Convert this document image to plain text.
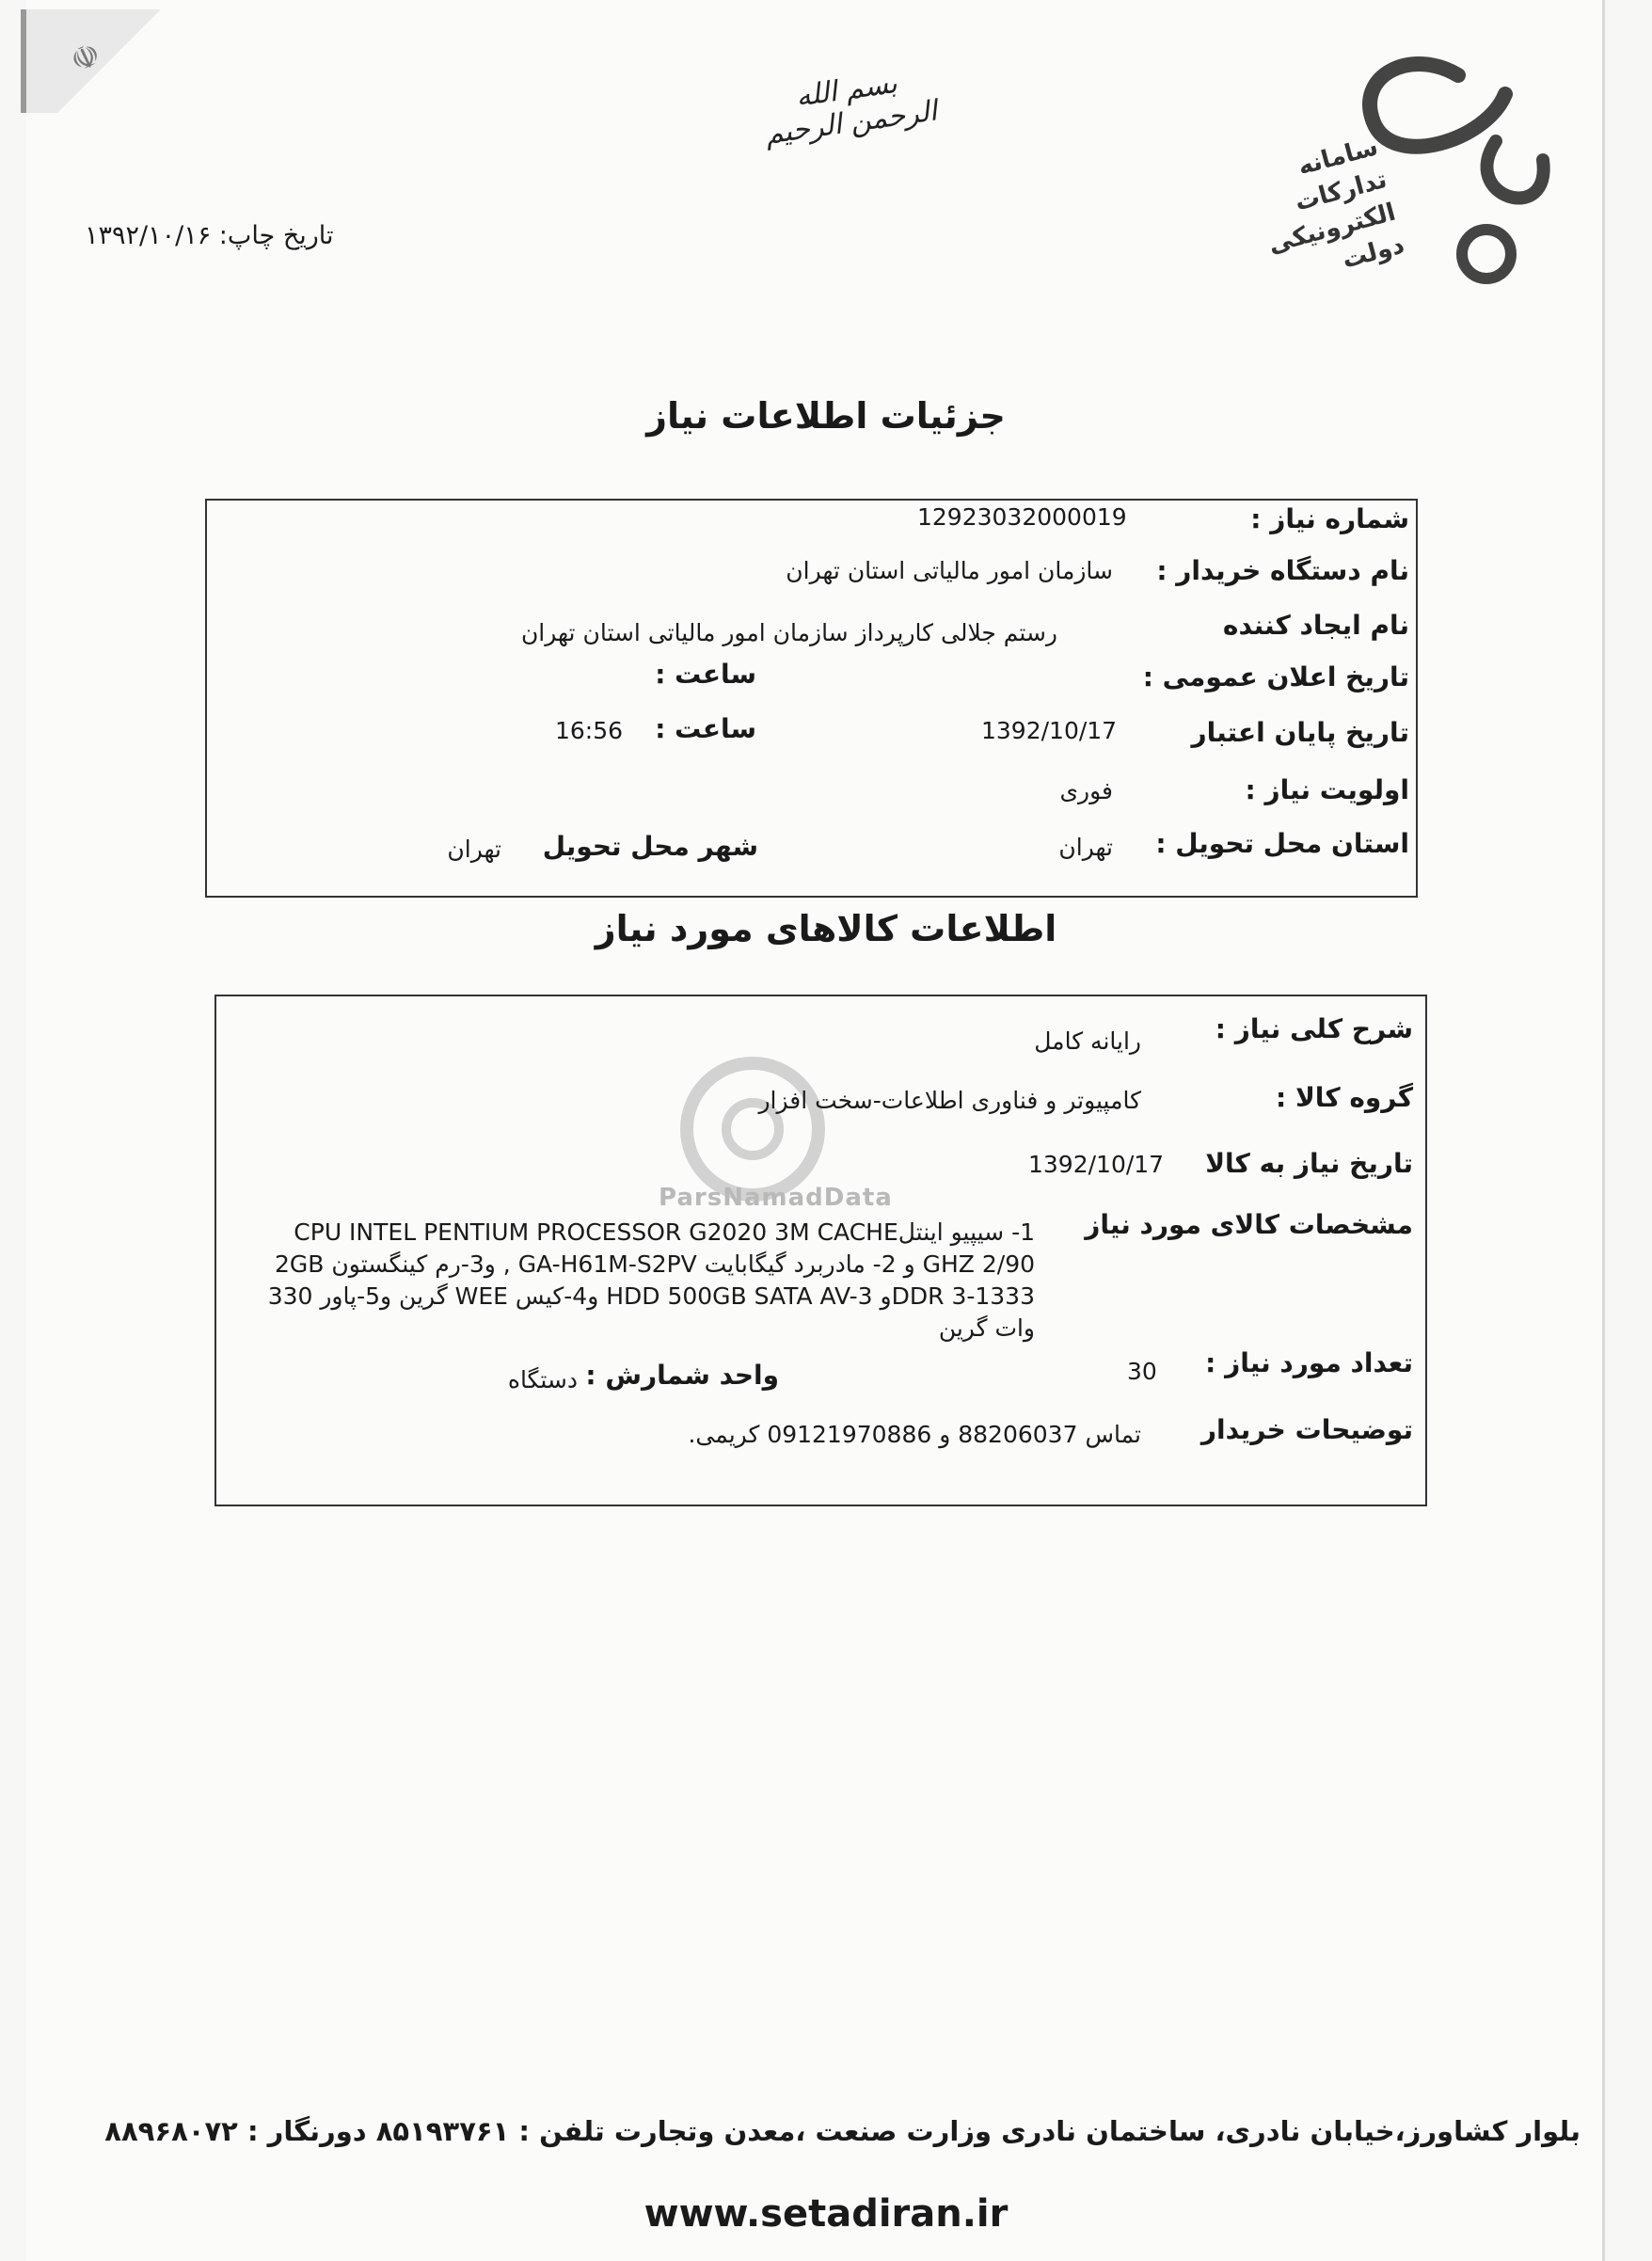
☫
بسم الله الرحمن الرحیم
سامانه تدارکات الکترونیکی دولت
تاریخ چاپ: ۱۳۹۲/۱۰/۱۶
جزئیات اطلاعات نیاز
شماره نیاز :
12923032000019
نام دستگاه خریدار :
سازمان امور مالیاتی استان تهران
نام ایجاد کننده
رستم جلالی کارپرداز سازمان امور مالیاتی استان تهران
تاریخ اعلان عمومی :
ساعت :
تاریخ پایان اعتبار
1392/10/17
ساعت :
16:56
اولویت نیاز :
فوری
استان محل تحویل :
تهران
شهر محل تحویل
تهران
اطلاعات کالاهای مورد نیاز
ParsNamadData
شرح کلی نیاز :
رایانه کامل
گروه کالا :
کامپیوتر و فناوری اطلاعات-سخت افزار
تاریخ نیاز به کالا
1392/10/17
مشخصات کالای مورد نیاز
1- سیپیو اینتلCPU INTEL PENTIUM PROCESSOR G2020 3M CACHE
2/90 GHZ و 2- مادربرد گیگابایت GA-H61M-S2PV , و3-رم کینگستون 2GB
DDR 3-1333و HDD 500GB SATA AV-3 و4-کیس WEE گرین و5-پاور 330
وات گرین
تعداد مورد نیاز :
30
واحد شمارش :
دستگاه
توضیحات خریدار
تماس 88206037 و 09121970886 کریمی.
بلوار کشاورز،خیابان نادری، ساختمان نادری وزارت صنعت ،معدن وتجارت تلفن : ۸۵۱۹۳۷۶۱ دورنگار : ۸۸۹۶۸۰۷۲
www.setadiran.ir
